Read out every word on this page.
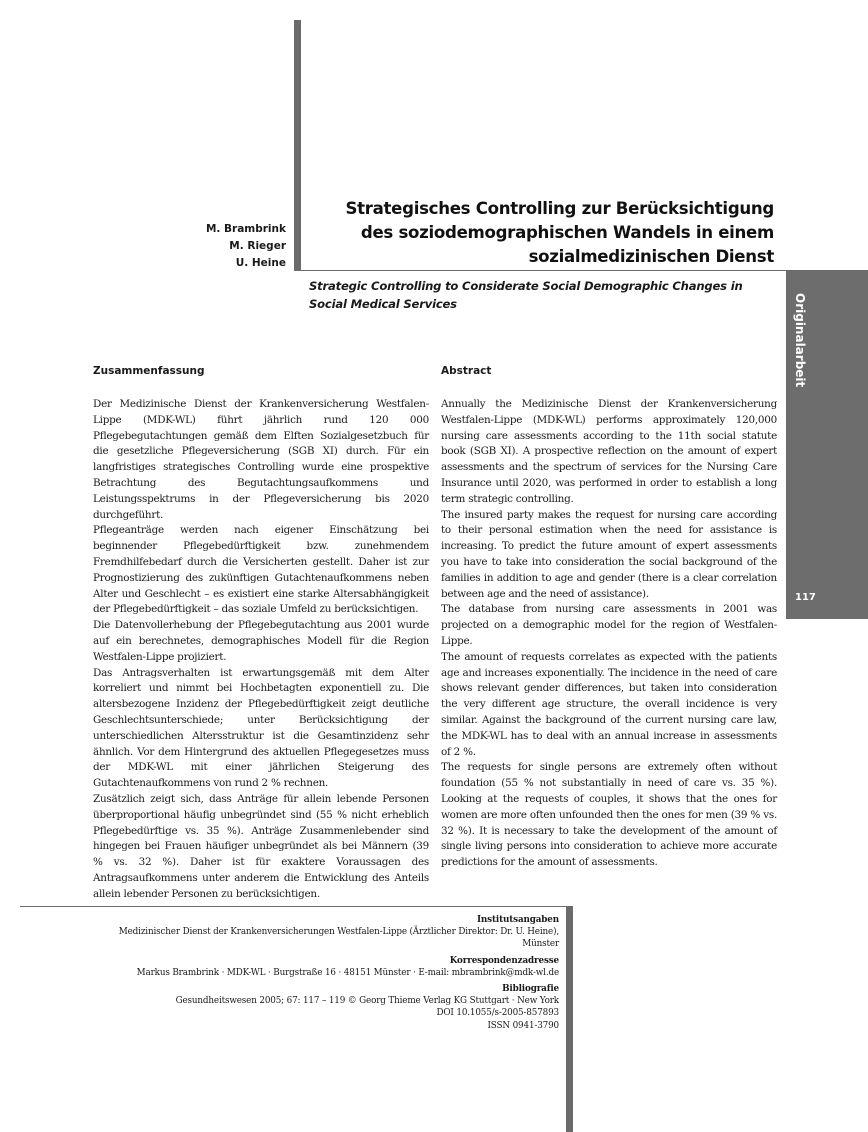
Originalarbeit
117
M. Brambrink
M. Rieger
U. Heine
Strategisches Controlling zur Berücksichtigung des soziodemographischen Wandels in einem sozialmedizinischen Dienst
Strategic Controlling to Considerate Social Demographic Changes in Social Medical Services
Zusammenfassung

Der Medizinische Dienst der Krankenversicherung Westfalen-Lippe (MDK-WL) führt jährlich rund 120 000 Pflegebegutachtungen gemäß dem Elften Sozialgesetzbuch für die gesetzliche Pflegeversicherung (SGB XI) durch. Für ein langfristiges strategisches Controlling wurde eine prospektive Betrachtung des Begutachtungsaufkommens und Leistungsspektrums in der Pflegeversicherung bis 2020 durchgeführt.

Pflegeanträge werden nach eigener Einschätzung bei beginnender Pflegebedürftigkeit bzw. zunehmendem Fremdhilfebedarf durch die Versicherten gestellt. Daher ist zur Prognostizierung des zukünftigen Gutachtenaufkommens neben Alter und Geschlecht – es existiert eine starke Altersabhängigkeit der Pflegebedürftigkeit – das soziale Umfeld zu berücksichtigen.

Die Datenvollerhebung der Pflegebegutachtung aus 2001 wurde auf ein berechnetes, demographisches Modell für die Region Westfalen-Lippe projiziert.

Das Antragsverhalten ist erwartungsgemäß mit dem Alter korreliert und nimmt bei Hochbetagten exponentiell zu. Die altersbezogene Inzidenz der Pflegebedürftigkeit zeigt deutliche Geschlechtsunterschiede; unter Berücksichtigung der unterschiedlichen Altersstruktur ist die Gesamtinzidenz sehr ähnlich. Vor dem Hintergrund des aktuellen Pflegegesetzes muss der MDK-WL mit einer jährlichen Steigerung des Gutachtenaufkommens von rund 2 % rechnen.

Zusätzlich zeigt sich, dass Anträge für allein lebende Personen überproportional häufig unbegründet sind (55 % nicht erheblich Pflegebedürftige vs. 35 %). Anträge Zusammenlebender sind hingegen bei Frauen häufiger unbegründet als bei Männern (39 % vs. 32 %). Daher ist für exaktere Voraussagen des Antragsaufkommens unter anderem die Entwicklung des Anteils allein lebender Personen zu berücksichtigen.

Abstract

Annually the Medizinische Dienst der Krankenversicherung Westfalen-Lippe (MDK-WL) performs approximately 120,000 nursing care assessments according to the 11th social statute book (SGB XI). A prospective reflection on the amount of expert assessments and the spectrum of services for the Nursing Care Insurance until 2020, was performed in order to establish a long term strategic controlling.

The insured party makes the request for nursing care according to their personal estimation when the need for assistance is increasing. To predict the future amount of expert assessments you have to take into consideration the social background of the families in addition to age and gender (there is a clear correlation between age and the need of assistance).

The database from nursing care assessments in 2001 was projected on a demographic model for the region of Westfalen-Lippe.

The amount of requests correlates as expected with the patients age and increases exponentially. The incidence in the need of care shows relevant gender differences, but taken into consideration the very different age structure, the overall incidence is very similar. Against the background of the current nursing care law, the MDK-WL has to deal with an annual increase in assessments of 2 %.

The requests for single persons are extremely often without foundation (55 % not substantially in need of care vs. 35 %). Looking at the requests of couples, it shows that the ones for women are more often unfounded then the ones for men (39 % vs. 32 %). It is necessary to take the development of the amount of single living persons into consideration to achieve more accurate predictions for the amount of assessments.

Institutsangaben
Medizinischer Dienst der Krankenversicherungen Westfalen-Lippe (Ärztlicher Direktor: Dr. U. Heine),
Münster
Korrespondenzadresse
Markus Brambrink · MDK-WL · Burgstraße 16 · 48151 Münster · E-mail: mbrambrink@mdk-wl.de
Bibliografie
Gesundheitswesen 2005; 67: 117 – 119 © Georg Thieme Verlag KG Stuttgart · New York
DOI 10.1055/s-2005-857893
ISSN 0941-3790
